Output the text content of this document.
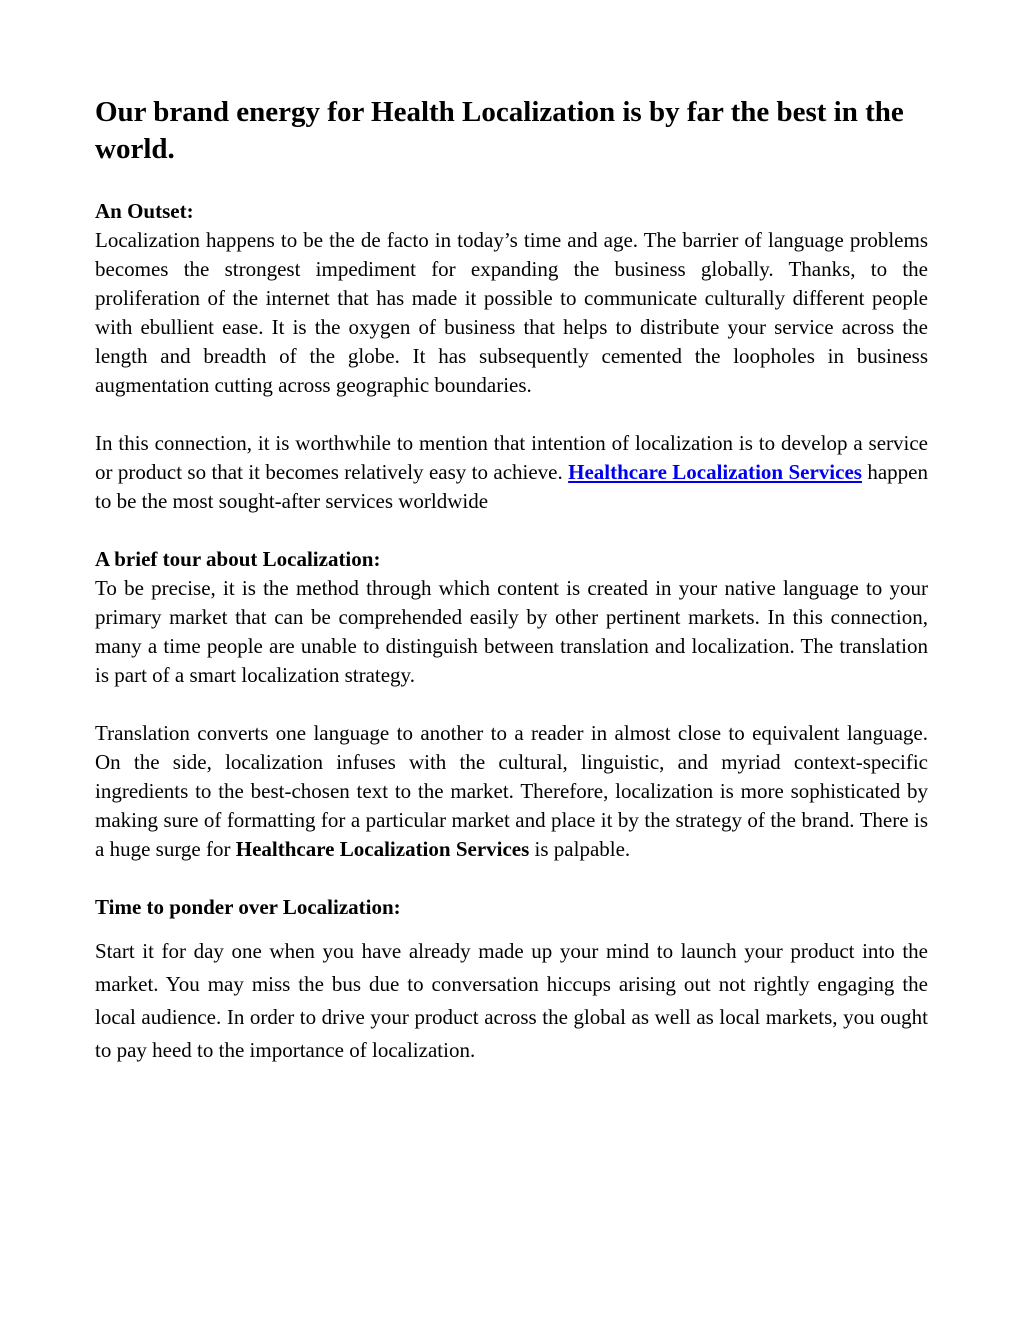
Our brand energy for Health Localization is by far the best in the world.
An Outset:

Localization happens to be the de facto in today’s time and age. The barrier of language problems becomes the strongest impediment for expanding the business globally. Thanks, to the proliferation of the internet that has made it possible to communicate culturally different people with ebullient ease. It is the oxygen of business that helps to distribute your service across the length and breadth of the globe. It has subsequently cemented the loopholes in business augmentation cutting across geographic boundaries.

In this connection, it is worthwhile to mention that intention of localization is to develop a service or product so that it becomes relatively easy to achieve. Healthcare Localization Services happen to be the most sought-after services worldwide

A brief tour about Localization:

To be precise, it is the method through which content is created in your native language to your primary market that can be comprehended easily by other pertinent markets. In this connection, many a time people are unable to distinguish between translation and localization. The translation is part of a smart localization strategy.

Translation converts one language to another to a reader in almost close to equivalent language. On the side, localization infuses with the cultural, linguistic, and myriad context-specific ingredients to the best-chosen text to the market. Therefore, localization is more sophisticated by making sure of formatting for a particular market and place it by the strategy of the brand. There is a huge surge for Healthcare Localization Services is palpable.

Time to ponder over Localization:

Start it for day one when you have already made up your mind to launch your product into the market. You may miss the bus due to conversation hiccups arising out not rightly engaging the local audience. In order to drive your product across the global as well as local markets, you ought to pay heed to the importance of localization.
